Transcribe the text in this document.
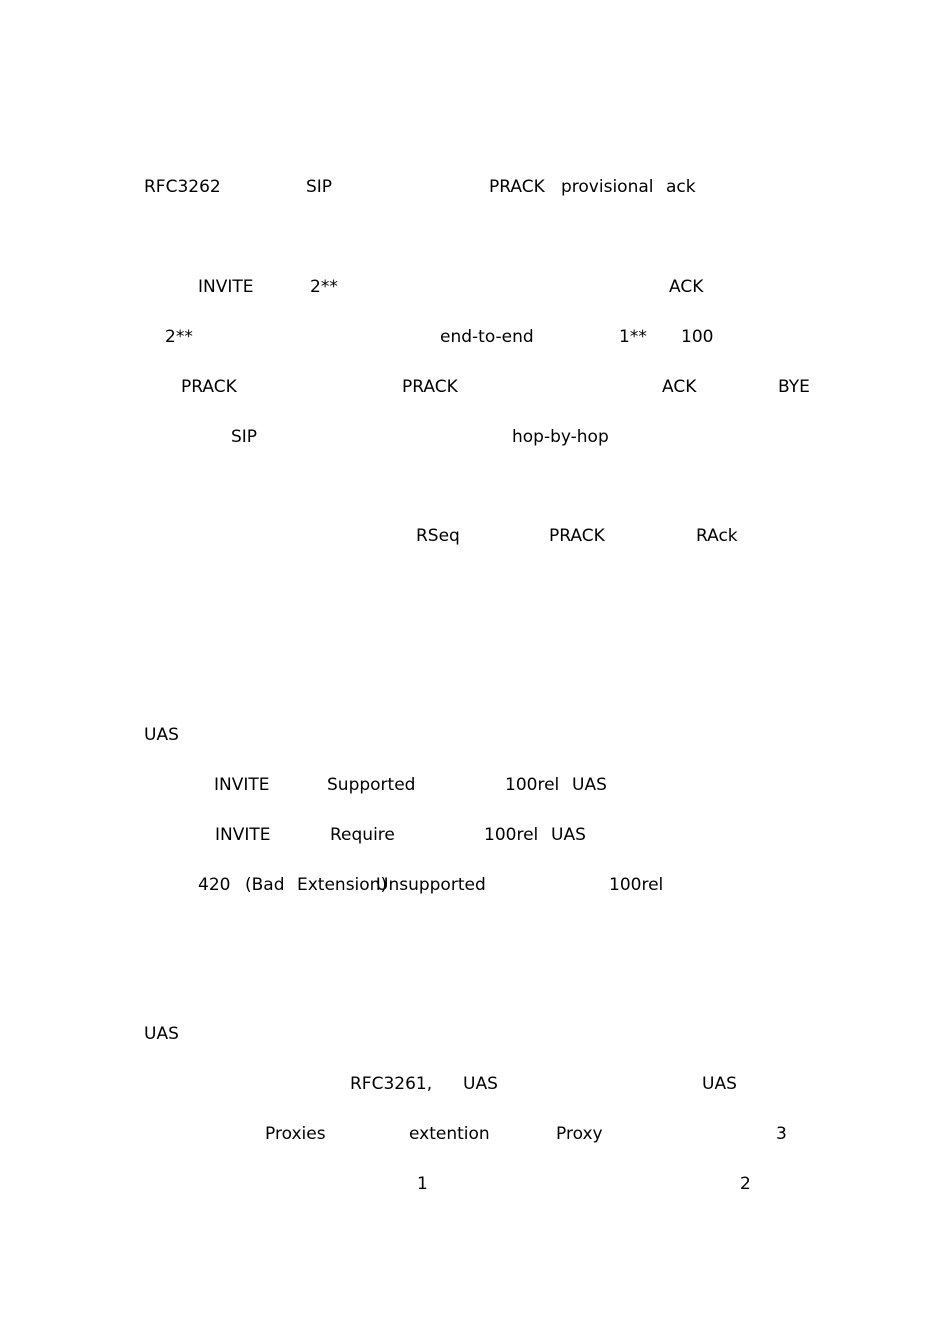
RFC3262	SIP	PRACK provisional ack
INVITE	2**	ACK
2**	end-to-end	1** 100
PRACK	PRACK	ACK	BYE
SIP	hop-by-hop
RSeq	PRACK	RAck
UAS
INVITE	Supported	100rel UAS
INVITE	Require	100rel UAS
420 (Bad Extension)
Unsupported	100rel
UAS
RFC3261, UAS	UAS
Proxies	extention	Proxy	3
1	2
